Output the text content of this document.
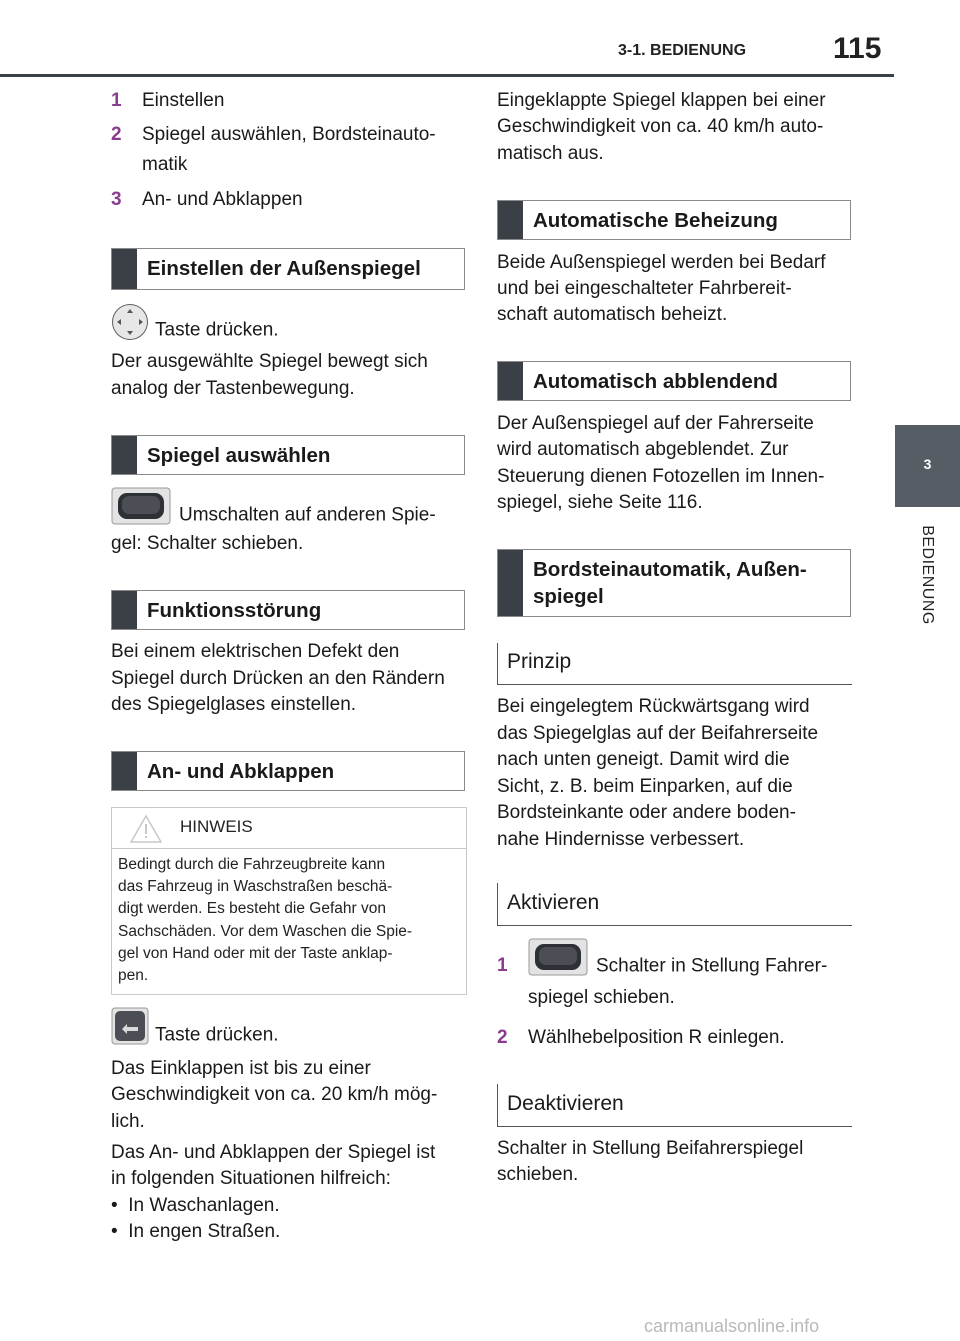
3-1. BEDIENUNG	115
3
BEDIENUNG

1 Einstellen

2 Spiegel auswählen, Bordsteinauto-

matik

3 An- und Abklappen

Einstellen der Außenspiegel

Taste drücken.

Der ausgewählte Spiegel bewegt sich

analog der Tastenbewegung.

Spiegel auswählen

Umschalten auf anderen Spie-

gel: Schalter schieben.

Funktionsstörung

Bei einem elektrischen Defekt den

Spiegel durch Drücken an den Rändern

des Spiegelglases einstellen.

An- und Abklappen
HINWEIS
Bedingt durch die Fahrzeugbreite kann
das Fahrzeug in Waschstraßen beschä-
digt werden. Es besteht die Gefahr von
Sachschäden. Vor dem Waschen die Spie-
gel von Hand oder mit der Taste anklap-
pen.

Taste drücken.

Das Einklappen ist bis zu einer

Geschwindigkeit von ca. 20 km/h mög-

lich.

Das An- und Abklappen der Spiegel ist

in folgenden Situationen hilfreich:

•  In Waschanlagen.
•  In engen Straßen.

Eingeklappte Spiegel klappen bei einer

Geschwindigkeit von ca. 40 km/h auto-

matisch aus.

Automatische Beheizung

Beide Außenspiegel werden bei Bedarf

und bei eingeschalteter Fahrbereit-

schaft automatisch beheizt.

Automatisch abblendend

Der Außenspiegel auf der Fahrerseite

wird automatisch abgeblendet. Zur

Steuerung dienen Fotozellen im Innen-

spiegel, siehe Seite 116.

Bordsteinautomatik, Außen-
spiegel
Prinzip

Bei eingelegtem Rückwärtsgang wird

das Spiegelglas auf der Beifahrerseite

nach unten geneigt. Damit wird die

Sicht, z. B. beim Einparken, auf die

Bordsteinkante oder andere boden-

nahe Hindernisse verbessert.

Aktivieren

1	Schalter in Stellung Fahrer-

spiegel schieben.

2 Wählhebelposition R einlegen.

Deaktivieren

Schalter in Stellung Beifahrerspiegel

schieben.

carmanualsonline.info
